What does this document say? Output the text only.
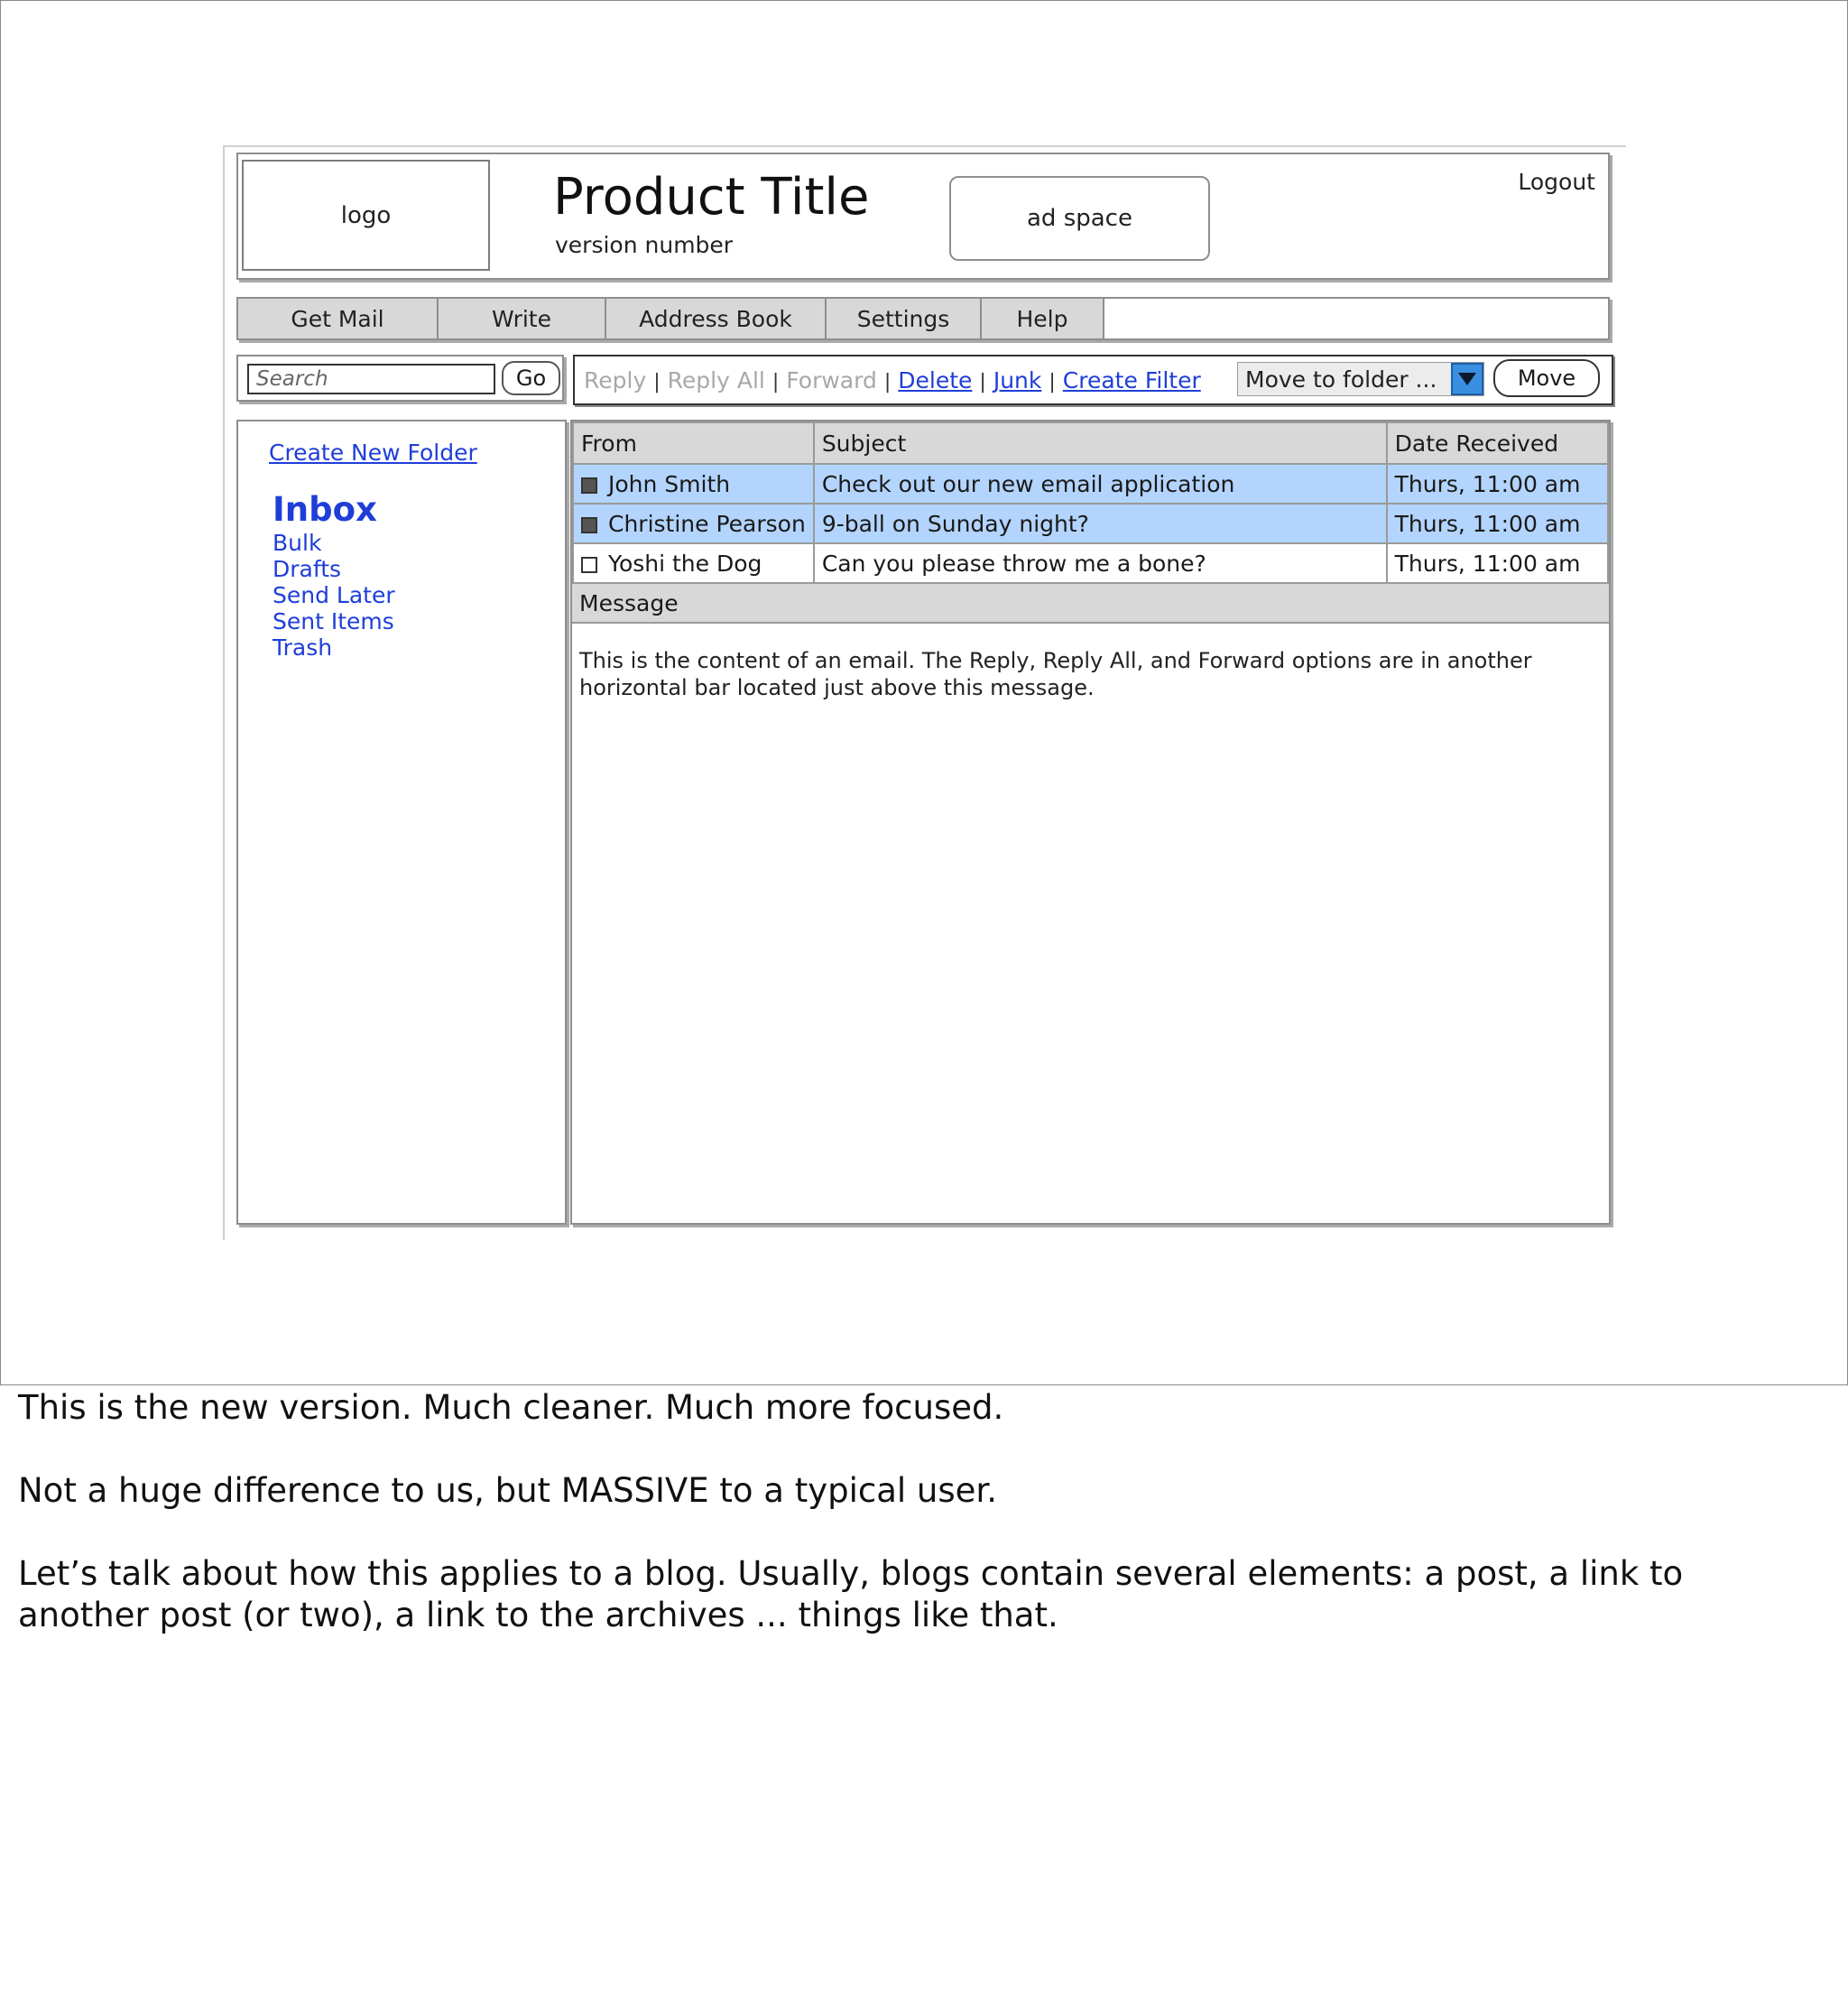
logo	Product Title
version number
ad space
Logout
Get Mail	Write	Address Book	Settings	Help
Search
Go	Reply | Reply All | Forward | Delete | Junk | Create Filter Move to folder ...	Move
Create New Folder
Inbox
Bulk
Drafts
Send Later
Sent Items
Trash
From	Subject	Date Received
John Smith	Check out our new email application	Thurs, 11:00 am
Christine Pearson	9-ball on Sunday night?	Thurs, 11:00 am
Yoshi the Dog	Can you please throw me a bone?	Thurs, 11:00 am
Message
This is the content of an email. The Reply, Reply All, and Forward options are in another horizontal bar located just above this message.

This is the new version. Much cleaner. Much more focused.

Not a huge difference to us, but MASSIVE to a typical user.

Let’s talk about how this applies to a blog. Usually, blogs contain several elements: a post, a link to another post (or two), a link to the archives ... things like that.
